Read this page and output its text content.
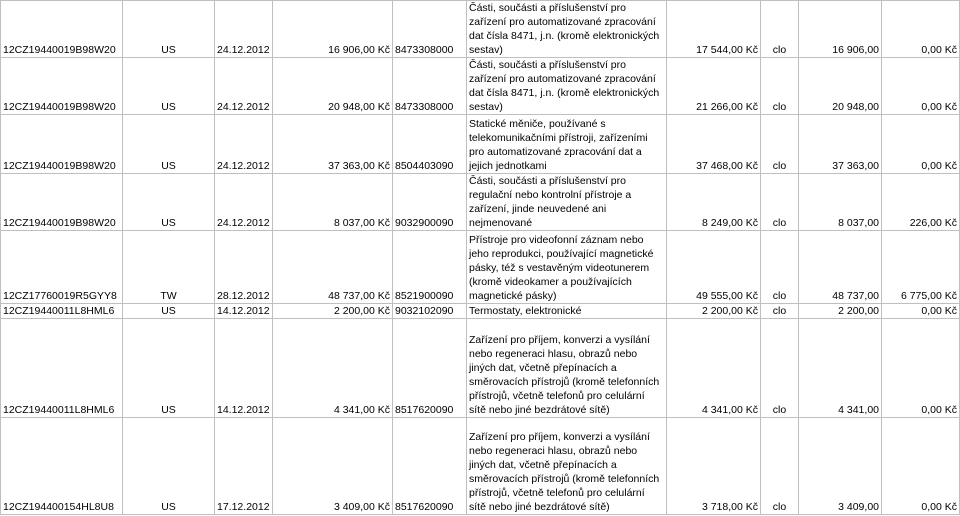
12CZ19440019B98W20	US	24.12.2012	16 906,00 Kč	8473308000	Části, součásti a příslušenství pro zařízení pro automatizované zpracování dat čísla 8471, j.n. (kromě elektronických sestav)	17 544,00 Kč	clo	16 906,00	0,00 Kč
12CZ19440019B98W20	US	24.12.2012	20 948,00 Kč	8473308000	Části, součásti a příslušenství pro zařízení pro automatizované zpracování dat čísla 8471, j.n. (kromě elektronických sestav)	21 266,00 Kč	clo	20 948,00	0,00 Kč
12CZ19440019B98W20	US	24.12.2012	37 363,00 Kč	8504403090	Statické měniče, používané s telekomunikačními přístroji, zařízeními pro automatizované zpracování dat a jejich jednotkami	37 468,00 Kč	clo	37 363,00	0,00 Kč
12CZ19440019B98W20	US	24.12.2012	8 037,00 Kč	9032900090	Části, součásti a příslušenství pro regulační nebo kontrolní přístroje a zařízení, jinde neuvedené ani nejmenované	8 249,00 Kč	clo	8 037,00	226,00 Kč
12CZ17760019R5GYY8	TW	28.12.2012	48 737,00 Kč	8521900090	Přístroje pro videofonní záznam nebo jeho reprodukci, používající magnetické pásky, též s vestavěným videotunerem (kromě videokamer a používajících magnetické pásky)	49 555,00 Kč	clo	48 737,00	6 775,00 Kč
12CZ19440011L8HML6	US	14.12.2012	2 200,00 Kč	9032102090	Termostaty, elektronické	2 200,00 Kč	clo	2 200,00	0,00 Kč
12CZ19440011L8HML6	US	14.12.2012	4 341,00 Kč	8517620090	Zařízení pro příjem, konverzi a vysílání nebo regeneraci hlasu, obrazů nebo jiných dat, včetně přepínacích a směrovacích přístrojů (kromě telefonních přístrojů, včetně telefonů pro celulární sítě nebo jiné bezdrátové sítě)	4 341,00 Kč	clo	4 341,00	0,00 Kč
12CZ194400154HL8U8	US	17.12.2012	3 409,00 Kč	8517620090	Zařízení pro příjem, konverzi a vysílání nebo regeneraci hlasu, obrazů nebo jiných dat, včetně přepínacích a směrovacích přístrojů (kromě telefonních přístrojů, včetně telefonů pro celulární sítě nebo jiné bezdrátové sítě)	3 718,00 Kč	clo	3 409,00	0,00 Kč
